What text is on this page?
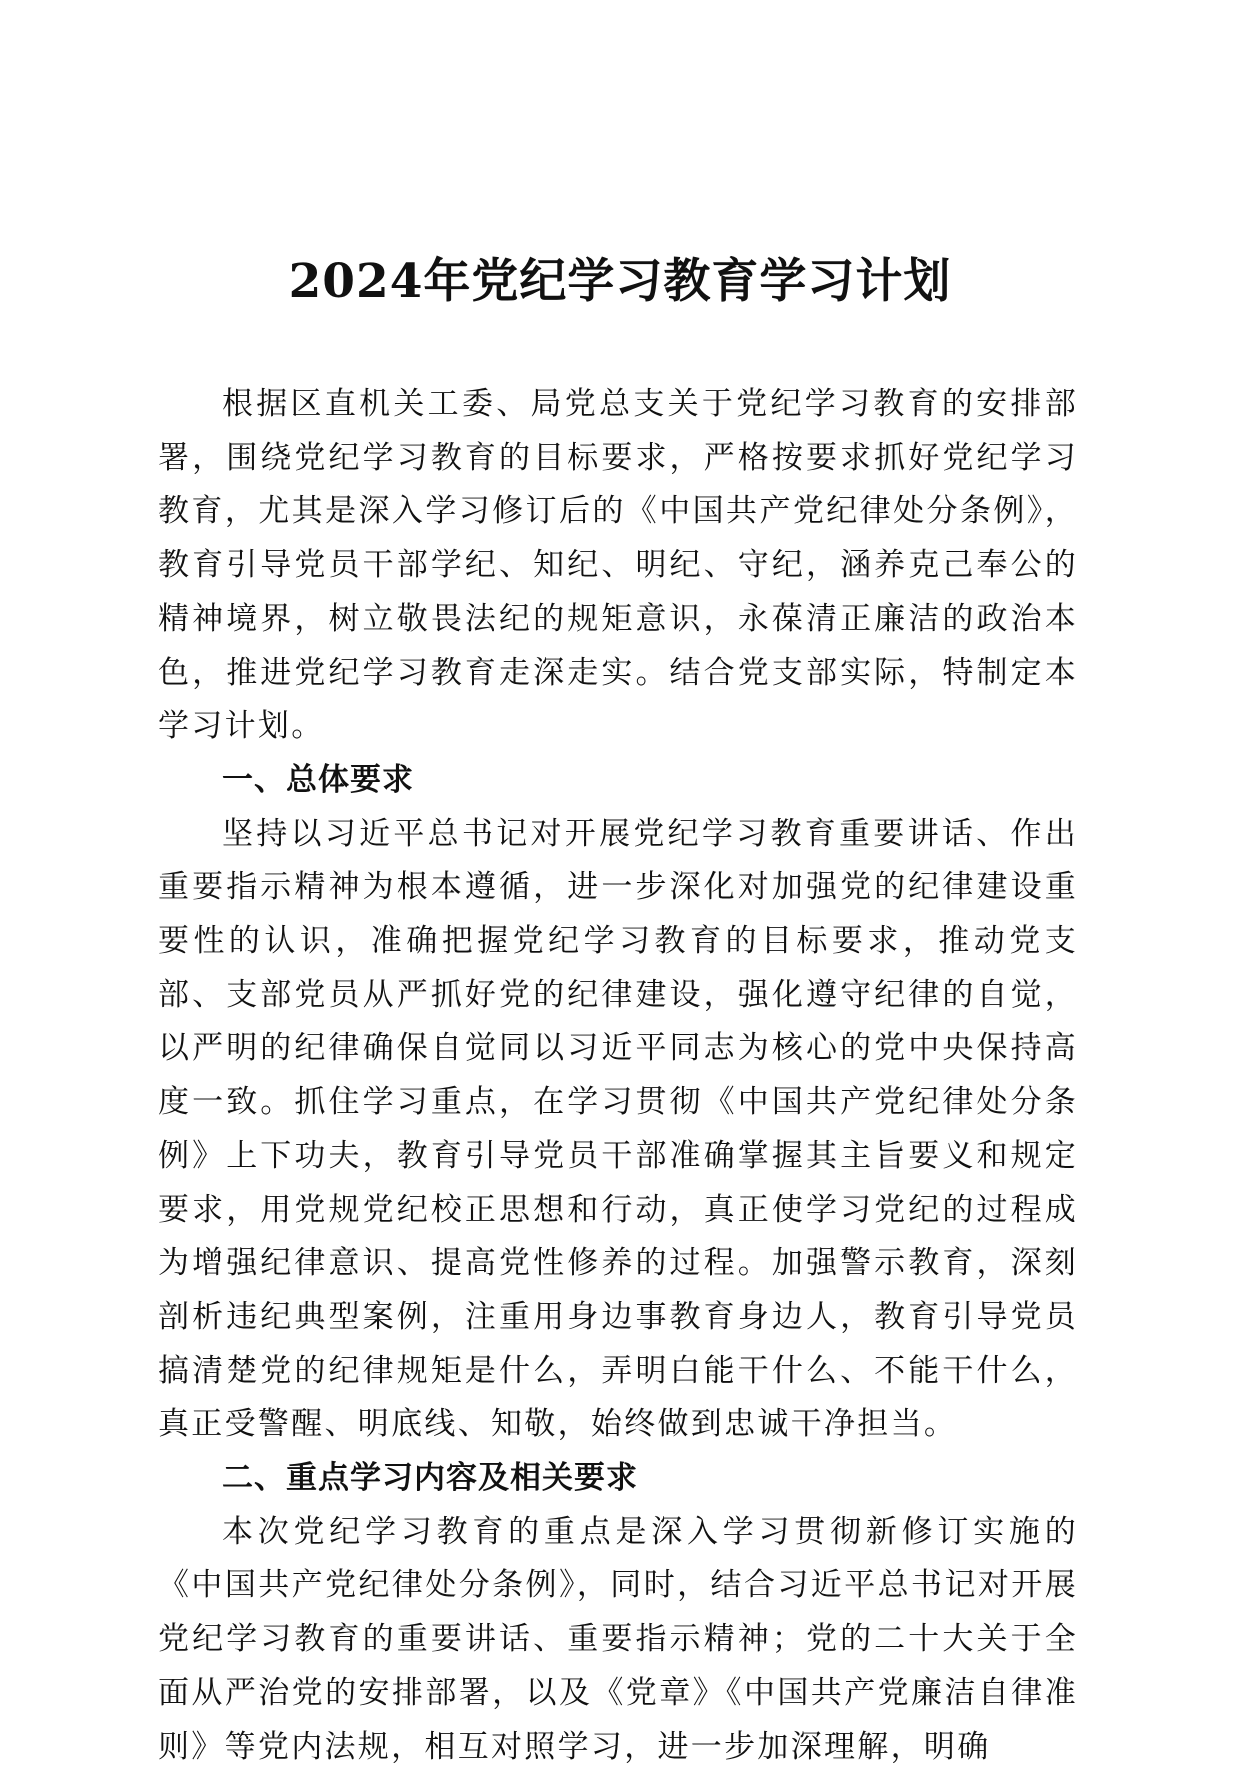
2024年党纪学习教育学习计划

根据区直机关工委、局党总支关于党纪学习教育的安排部署，围绕党纪学习教育的目标要求，严格按要求抓好党纪学习教育，尤其是深入学习修订后的《中国共产党纪律处分条例》，教育引导党员干部学纪、知纪、明纪、守纪，涵养克己奉公的精神境界，树立敬畏法纪的规矩意识，永葆清正廉洁的政治本色，推进党纪学习教育走深走实。结合党支部实际，特制定本学习计划。

一、总体要求

坚持以习近平总书记对开展党纪学习教育重要讲话、作出重要指示精神为根本遵循，进一步深化对加强党的纪律建设重要性的认识，准确把握党纪学习教育的目标要求，推动党支部、支部党员从严抓好党的纪律建设，强化遵守纪律的自觉，以严明的纪律确保自觉同以习近平同志为核心的党中央保持高度一致。抓住学习重点，在学习贯彻《中国共产党纪律处分条例》上下功夫，教育引导党员干部准确掌握其主旨要义和规定要求，用党规党纪校正思想和行动，真正使学习党纪的过程成为增强纪律意识、提高党性修养的过程。加强警示教育，深刻剖析违纪典型案例，注重用身边事教育身边人，教育引导党员搞清楚党的纪律规矩是什么，弄明白能干什么、不能干什么，真正受警醒、明底线、知敬，始终做到忠诚干净担当。

二、重点学习内容及相关要求

本次党纪学习教育的重点是深入学习贯彻新修订实施的《中国共产党纪律处分条例》，同时，结合习近平总书记对开展党纪学习教育的重要讲话、重要指示精神；党的二十大关于全面从严治党的安排部署，以及《党章》《中国共产党廉洁自律准则》等党内法规，相互对照学习，进一步加深理解，明确
